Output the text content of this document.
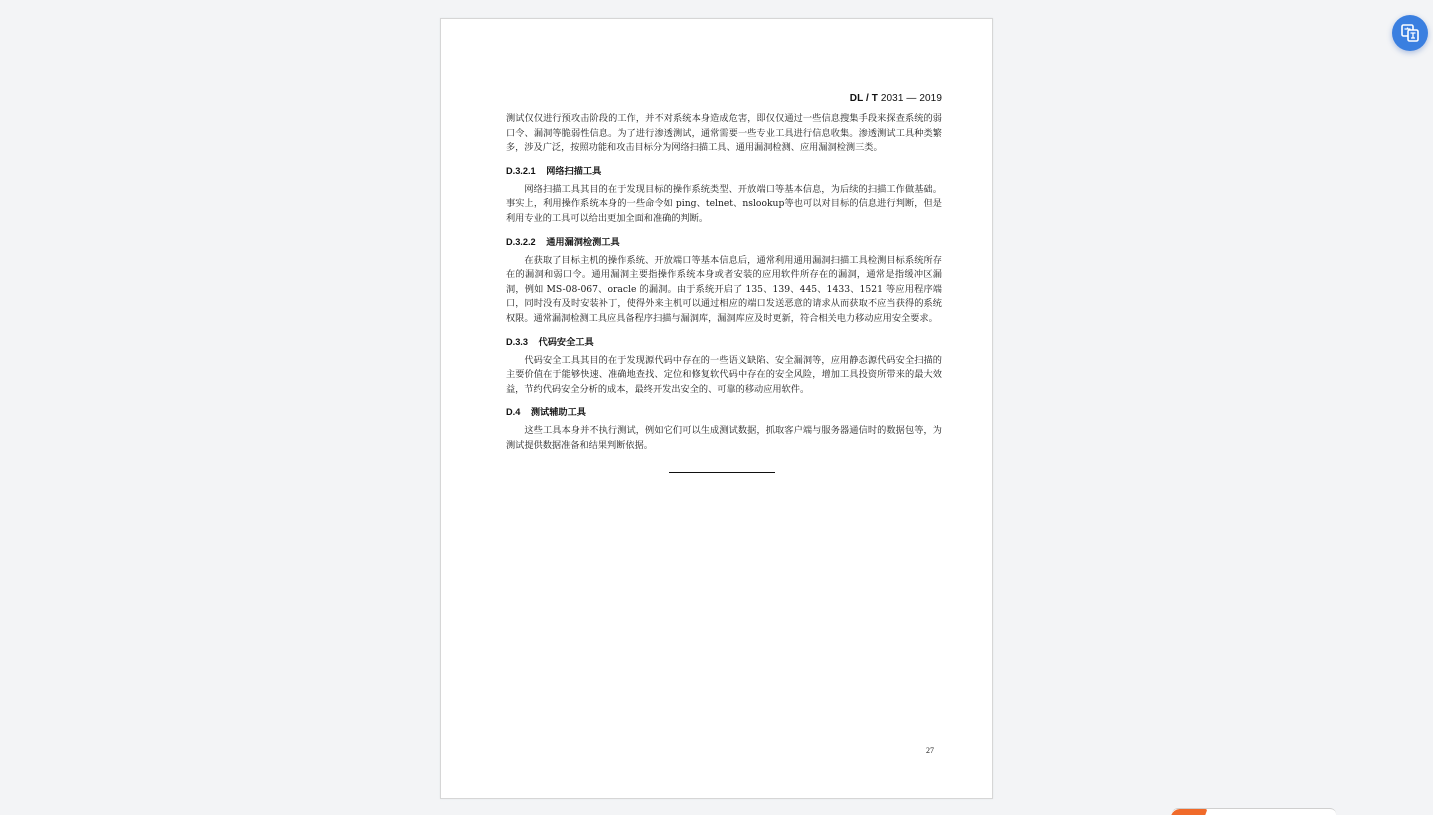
DL / T 2031 — 2019

测试仅仅进行预攻击阶段的工作，并不对系统本身造成危害，即仅仅通过一些信息搜集手段来探查系统的弱口令、漏洞等脆弱性信息。为了进行渗透测试，通常需要一些专业工具进行信息收集。渗透测试工具种类繁多，涉及广泛，按照功能和攻击目标分为网络扫描工具、通用漏洞检测、应用漏洞检测三类。

D.3.2.1 网络扫描工具

网络扫描工具其目的在于发现目标的操作系统类型、开放端口等基本信息，为后续的扫描工作做基础。事实上，利用操作系统本身的一些命令如 ping、telnet、nslookup等也可以对目标的信息进行判断，但是利用专业的工具可以给出更加全面和准确的判断。

D.3.2.2 通用漏洞检测工具

在获取了目标主机的操作系统、开放端口等基本信息后，通常利用通用漏洞扫描工具检测目标系统所存在的漏洞和弱口令。通用漏洞主要指操作系统本身或者安装的应用软件所存在的漏洞，通常是指缓冲区漏洞，例如 MS-08-067、oracle 的漏洞。由于系统开启了 135、139、445、1433、1521 等应用程序端口，同时没有及时安装补丁，使得外来主机可以通过相应的端口发送恶意的请求从而获取不应当获得的系统权限。通常漏洞检测工具应具备程序扫描与漏洞库，漏洞库应及时更新，符合相关电力移动应用安全要求。

D.3.3 代码安全工具

代码安全工具其目的在于发现源代码中存在的一些语义缺陷、安全漏洞等，应用静态源代码安全扫描的主要价值在于能够快速、准确地查找、定位和修复软代码中存在的安全风险，增加工具投资所带来的最大效益，节约代码安全分析的成本，最终开发出安全的、可靠的移动应用软件。

D.4 测试辅助工具

这些工具本身并不执行测试，例如它们可以生成测试数据，抓取客户端与服务器通信时的数据包等，为测试提供数据准备和结果判断依据。

27
